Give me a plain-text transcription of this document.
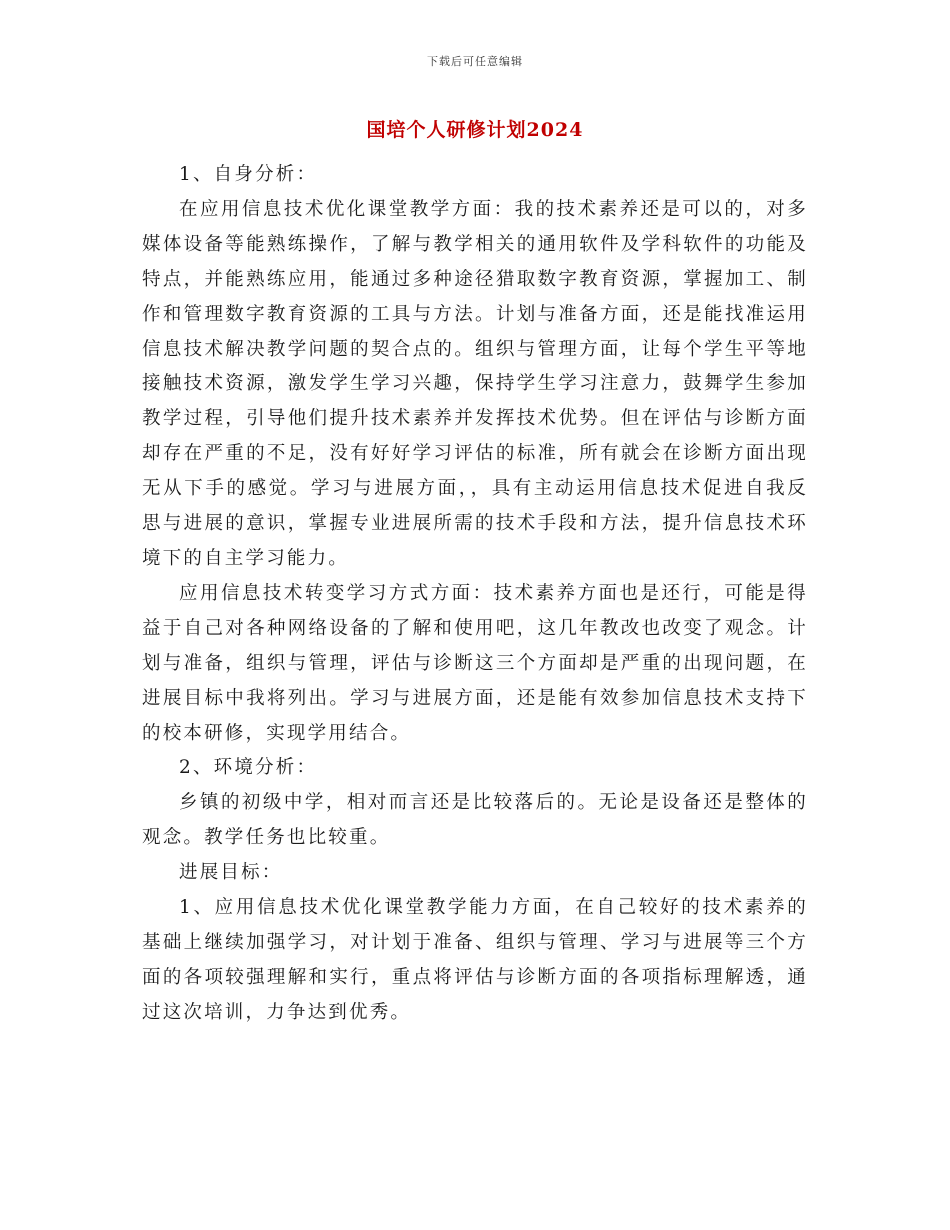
下载后可任意编辑
国培个人研修计划2024

1、自身分析：

在应用信息技术优化课堂教学方面：我的技术素养还是可以的，对多媒体设备等能熟练操作，了解与教学相关的通用软件及学科软件的功能及特点，并能熟练应用，能通过多种途径猎取数字教育资源，掌握加工、制作和管理数字教育资源的工具与方法。计划与准备方面，还是能找准运用信息技术解决教学问题的契合点的。组织与管理方面，让每个学生平等地接触技术资源，激发学生学习兴趣，保持学生学习注意力，鼓舞学生参加教学过程，引导他们提升技术素养并发挥技术优势。但在评估与诊断方面却存在严重的不足，没有好好学习评估的标准，所有就会在诊断方面出现无从下手的感觉。学习与进展方面，，具有主动运用信息技术促进自我反思与进展的意识，掌握专业进展所需的技术手段和方法，提升信息技术环境下的自主学习能力。

应用信息技术转变学习方式方面：技术素养方面也是还行，可能是得益于自己对各种网络设备的了解和使用吧，这几年教改也改变了观念。计划与准备，组织与管理，评估与诊断这三个方面却是严重的出现问题，在进展目标中我将列出。学习与进展方面，还是能有效参加信息技术支持下的校本研修，实现学用结合。

2、环境分析：

乡镇的初级中学，相对而言还是比较落后的。无论是设备还是整体的观念。教学任务也比较重。

进展目标：

1、应用信息技术优化课堂教学能力方面，在自己较好的技术素养的基础上继续加强学习，对计划于准备、组织与管理、学习与进展等三个方面的各项较强理解和实行，重点将评估与诊断方面的各项指标理解透，通过这次培训，力争达到优秀。
